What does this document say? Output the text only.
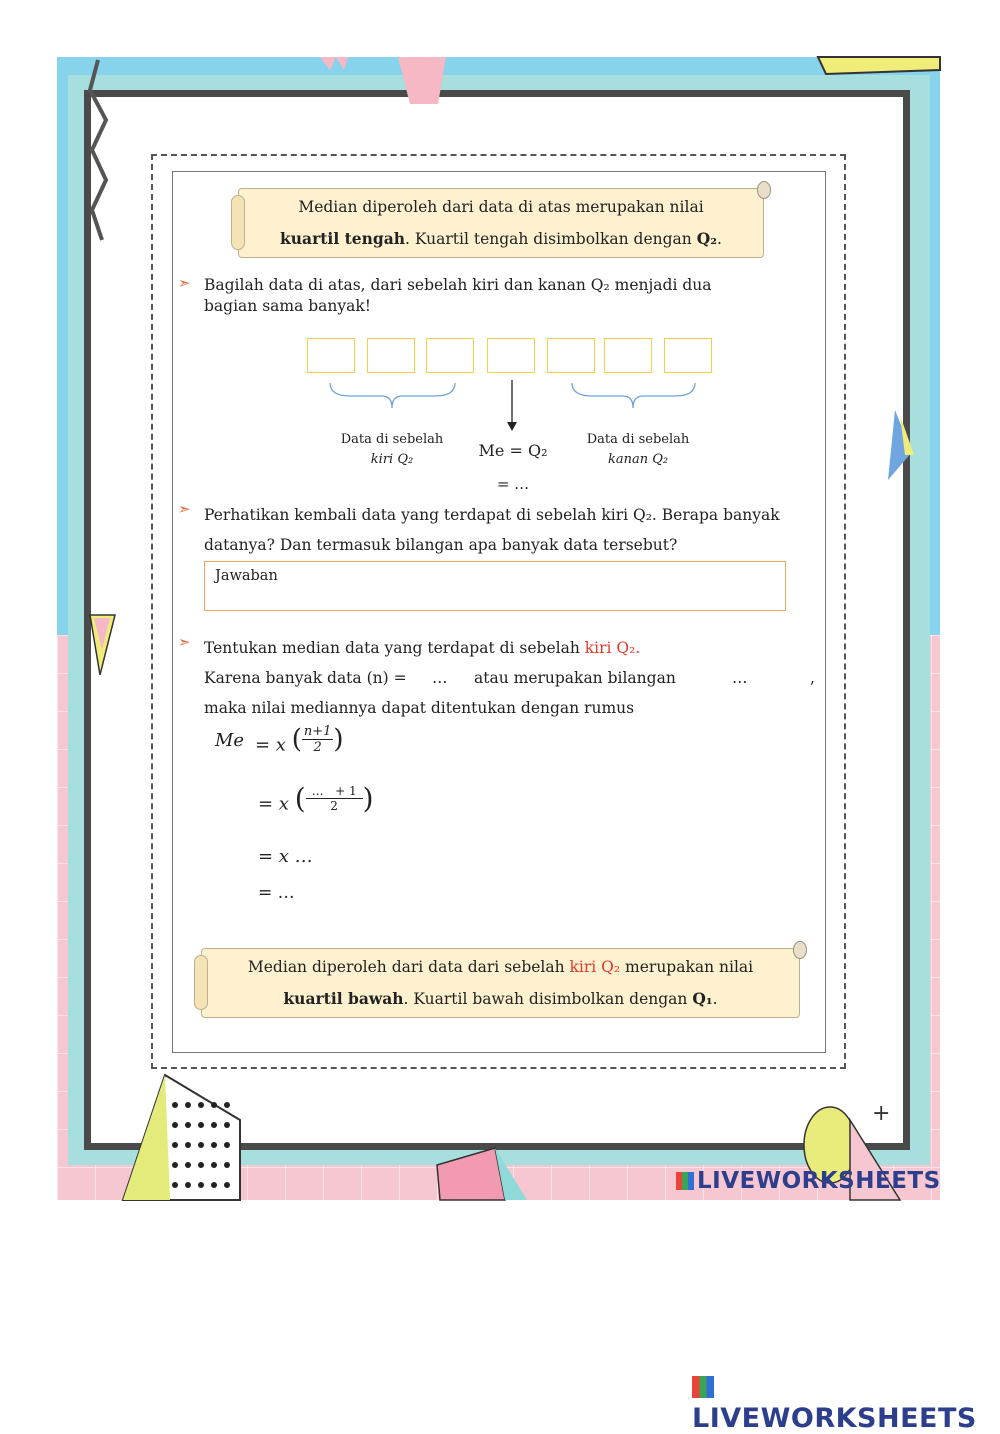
+
Median diperoleh dari data di atas merupakan nilai
kuartil tengah. Kuartil tengah disimbolkan dengan Q₂.
➣ Bagilah data di atas, dari sebelah kiri dan kanan Q₂ menjadi dua
bagian sama banyak!
Data di sebelah
kiri Q₂	Me = Q₂
= …
Data di sebelah
kanan Q₂
➣ Perhatikan kembali data yang terdapat di sebelah kiri Q₂. Berapa banyak
datanya? Dan termasuk bilangan apa banyak data tersebut?
Jawaban
➣ Tentukan median data yang terdapat di sebelah kiri Q₂.
Karena banyak data (n) = … atau merupakan bilangan	…	,
maka nilai mediannya dapat ditentukan dengan rumus
Me = x ( $\frac{n+1}{2}$ )
= x ( $\frac{\dots + 1}{2}$ )
= x …
= …
Median diperoleh dari data dari sebelah kiri Q₂ merupakan nilai
kuartil bawah. Kuartil bawah disimbolkan dengan Q₁.
LIVEWORKSHEETS
LIVEWORKSHEETS
